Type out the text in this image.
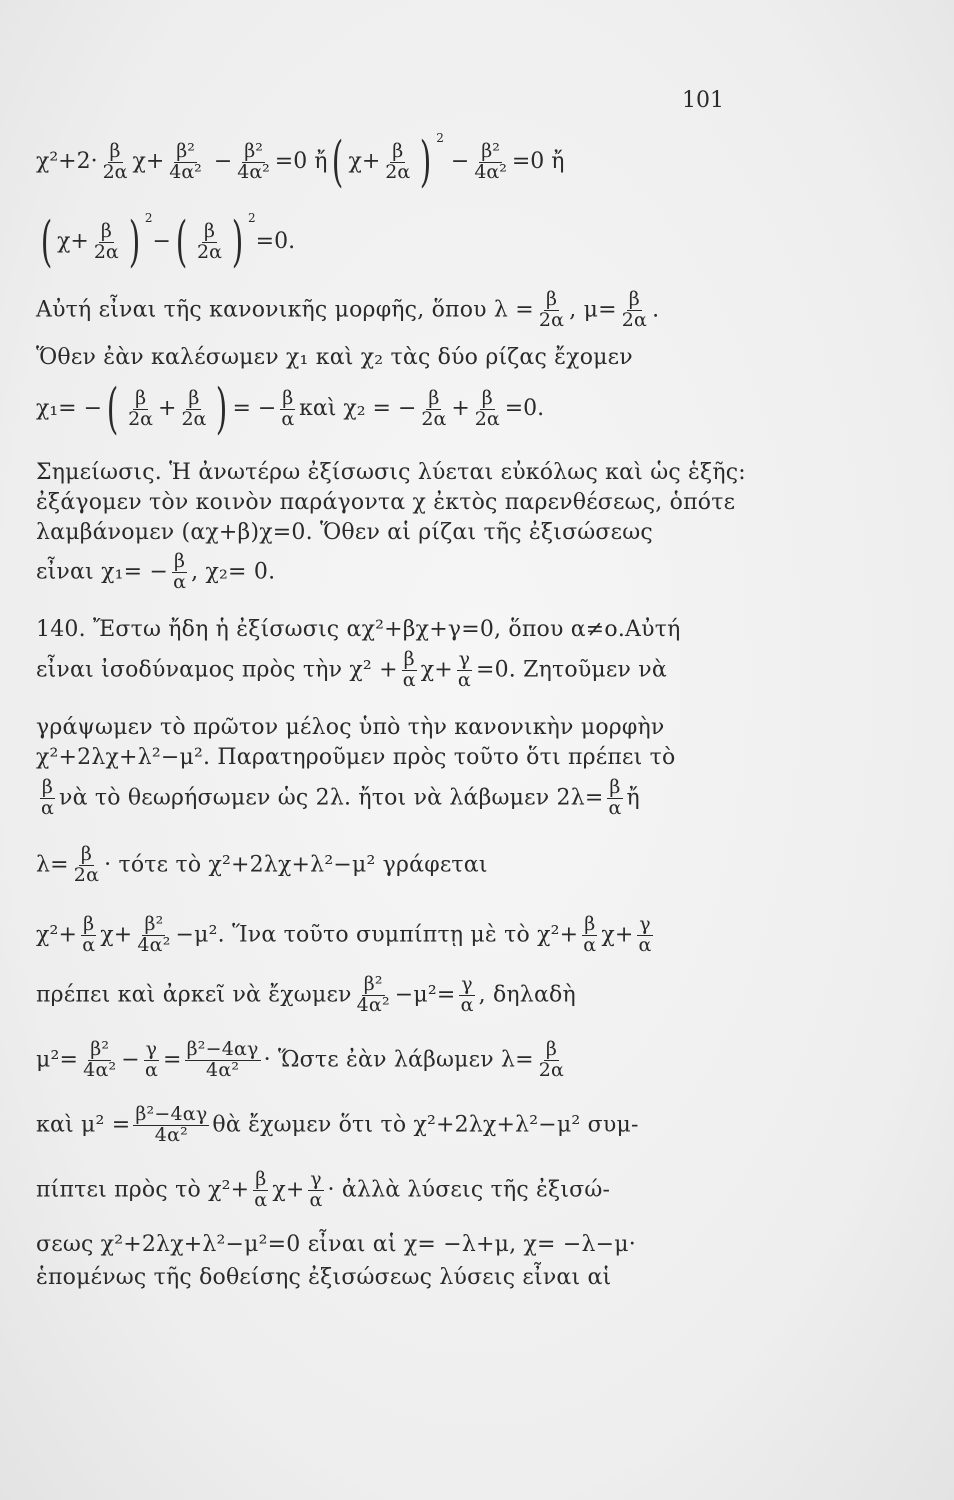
101
$\chi^2+2\cdot \frac{\beta}{2\alpha} \chi+ \frac{\text{β²}}{\text{4α²}} - \frac{\text{β²}}{\text{4α²}} =0$ ἤ( $\chi+ \frac{\beta}{2\alpha}$ ) $^2 - \frac{\text{β²}}{\text{4α²}} =0$ ἤ
( $\chi+ \frac{\beta}{2\alpha}$ ) $^2-( \frac{\beta}{2\alpha}$ ) $^2$=0.
Αὐτή εἶναι τῆς κανονικῆς μορφῆς, ὅπου $\lambda = \frac{\beta}{2\alpha}$ , $\mu= \frac{\beta}{2\alpha}$ .
Ὅθεν ἐὰν καλέσωμεν χ₁ καὶ χ₂ τὰς δύο ρίζας ἔχομεν
χ₁= −( $\frac{\beta}{2\alpha} + \frac{\beta}{2\alpha}$ ) = − $\frac{\beta}{\alpha}$ καὶ χ₂ = − $\frac{\beta}{2\alpha} + \frac{\beta}{2\alpha} =0$.
Σημείωσις. Ἡ ἀνωτέρω ἐξίσωσις λύεται εὐκόλως καὶ ὡς ἑξῆς:
ἐξάγομεν τὸν κοινὸν παράγοντα χ ἐκτὸς παρενθέσεως, ὁπότε
λαμβάνομεν (αχ+β)χ=0. Ὅθεν αἱ ρίζαι τῆς ἐξισώσεως
εἶναι $\chi_1= - \frac{\beta}{\alpha}$ , χ₂= 0.
140. Ἔστω ἤδη ἡ ἐξίσωσις αχ²+βχ+γ=0, ὅπου α≠ο.Αὐτή
εἶναι ἰσοδύναμος πρὸς τὴν $\chi^2 + \frac{\beta}{\alpha} \chi+ \frac{\gamma}{\alpha} =0$. Ζητοῦμεν νὰ
γράψωμεν τὸ πρῶτον μέλος ὑπὸ τὴν κανονικὴν μορφὴν
χ²+2λχ+λ²−μ². Παρατηροῦμεν πρὸς τοῦτο ὅτι πρέπει τὸ
$\frac{\beta}{\alpha}$ νὰ τὸ θεωρήσωμεν ὡς 2λ. ἤτοι νὰ λάβωμεν $2\lambda= \frac{\beta}{\alpha}$ ἤ
$\lambda= \frac{\beta}{2\alpha} \cdot \tau ό\tau\varepsilon$ τὸ χ²+2λχ+λ²−μ² γράφεται
$\chi^2+ \frac{\beta}{\alpha} \chi+ \frac{\text{β²}}{\text{4α²}} -\mu^2$. Ἵνα τοῦτο συμπίπτῃ μὲ τὸ $\chi^2+ \frac{\beta}{\alpha} \chi+ \frac{\gamma}{\alpha}$
πρέπει καὶ ἀρκεῖ νὰ ἔχωμεν $\frac{\text{β²}}{\text{4α²}} -\mu^2= \frac{\gamma}{\alpha}$ , δηλαδὴ
$\mu^2= \frac{\text{β²}}{\text{4α²}} - \frac{\gamma}{\alpha} = \frac{\text{β²−4αγ}}{\text{4α²}}$ · Ὥστε ἐὰν λάβωμεν $\lambda= \frac{\beta}{2\alpha}$
καὶ $\mu^2 = \frac{\text{β²−4αγ}}{\text{4α²}}$ θὰ ἔχωμεν ὅτι τὸ χ²+2λχ+λ²−μ² συμ-
πίπτει πρὸς τὸ $\chi^2+ \frac{\beta}{\alpha} \chi+ \frac{\gamma}{\alpha}$ · ἀλλὰ λύσεις τῆς ἐξισώ-
σεως χ²+2λχ+λ²−μ²=0 εἶναι αἱ χ= −λ+μ, χ= −λ−μ·
ἑπομένως τῆς δοθείσης ἐξισώσεως λύσεις εἶναι αἱ
